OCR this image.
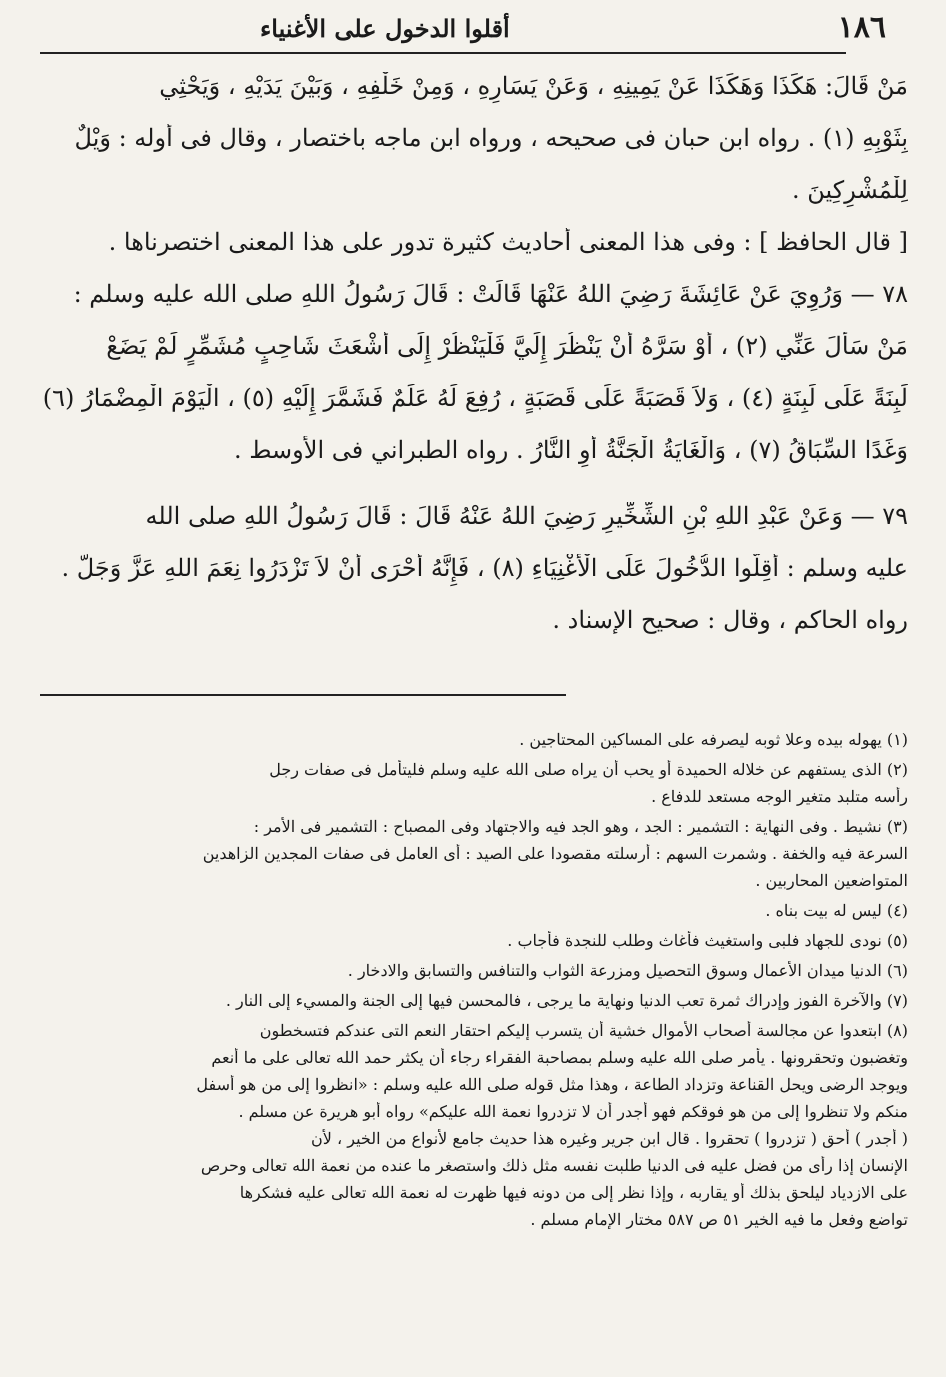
١٨٦
أقلوا الدخول على الأغنياء
مَنْ قَالَ: هَكَذَا وَهَكَذَا عَنْ يَمِينِهِ ، وَعَنْ يَسَارِهِ ، وَمِنْ خَلْفِهِ ، وَبَيْنَ يَدَيْهِ ، وَيَحْثِي
بِثَوْبِهِ (١) . رواه ابن حبان فى صحيحه ، ورواه ابن ماجه باختصار ، وقال فى أوله : وَيْلٌ
لِلْمُشْرِكِينَ .
[ قال الحافظ ] : وفى هذا المعنى أحاديث كثيرة تدور على هذا المعنى اختصرناها .
٧٨ — وَرُوِيَ عَنْ عَائِشَةَ رَضِيَ اللهُ عَنْهَا قَالَتْ : قَالَ رَسُولُ اللهِ صلى الله عليه وسلم :
مَنْ سَأَلَ عَنِّي (٢) ، أَوْ سَرَّهُ أَنْ يَنْظُرَ إِلَيَّ فَلْيَنْظُرْ إِلَى أَشْعَثَ شَاحِبٍ مُشَمِّرٍ لَمْ يَضَعْ
لَبِنَةً عَلَى لَبِنَةٍ (٤) ، وَلاَ قَصَبَةً عَلَى قَصَبَةٍ ، رُفِعَ لَهُ عَلَمٌ فَشَمَّرَ إِلَيْهِ (٥) ، الْيَوْمَ الْمِضْمَارُ (٦)
وَغَدًا السِّبَاقُ (٧) ، وَالْغَايَةُ الْجَنَّةُ أَوِ النَّارُ . رواه الطبراني فى الأوسط .
٧٩ — وَعَنْ عَبْدِ اللهِ بْنِ الشِّخِّيرِ رَضِيَ اللهُ عَنْهُ قَالَ : قَالَ رَسُولُ اللهِ صلى الله
عليه وسلم : أَقِلُّوا الدُّخُولَ عَلَى الْأَغْنِيَاءِ (٨) ، فَإِنَّهُ أَحْرَى أَنْ لاَ تَزْدَرُوا نِعَمَ اللهِ عَزَّ وَجَلَّ .
رواه الحاكم ، وقال : صحيح الإسناد .
(١) يهوله بيده وعلا ثوبه ليصرفه على المساكين المحتاجين .
(٢) الذى يستفهم عن خلاله الحميدة أو يحب أن يراه صلى الله عليه وسلم فليتأمل فى صفات رجل
رأسه متلبد متغير الوجه مستعد للدفاع .
(٣) نشيط . وفى النهاية : التشمير : الجد ، وهو الجد فيه والاجتهاد وفى المصباح : التشمير فى الأمر :
السرعة فيه والخفة . وشمرت السهم : أرسلته مقصودا على الصيد : أى العامل فى صفات المجدين الزاهدين
المتواضعين المحاربين .
(٤) ليس له بيت بناه .
(٥) نودى للجهاد فلبى واستغيث فأغاث وطلب للنجدة فأجاب .
(٦) الدنيا ميدان الأعمال وسوق التحصيل ومزرعة الثواب والتنافس والتسابق والادخار .
(٧) والآخرة الفوز وإدراك ثمرة تعب الدنيا ونهاية ما يرجى ، فالمحسن فيها إلى الجنة والمسيء إلى النار .
(٨) ابتعدوا عن مجالسة أصحاب الأموال خشية أن يتسرب إليكم احتقار النعم التى عندكم فتسخطون
وتغضبون وتحقرونها . يأمر صلى الله عليه وسلم بمصاحبة الفقراء رجاء أن يكثر حمد الله تعالى على ما أنعم
ويوجد الرضى ويحل القناعة وتزداد الطاعة ، وهذا مثل قوله صلى الله عليه وسلم : «انظروا إلى من هو أسفل
منكم ولا تنظروا إلى من هو فوقكم فهو أجدر أن لا تزدروا نعمة الله عليكم» رواه أبو هريرة عن مسلم .
( أجدر ) أحق ( تزدروا ) تحقروا . قال ابن جرير وغيره هذا حديث جامع لأنواع من الخير ، لأن
الإنسان إذا رأى من فضل عليه فى الدنيا طلبت نفسه مثل ذلك واستصغر ما عنده من نعمة الله تعالى وحرص
على الازدياد ليلحق بذلك أو يقاربه ، وإذا نظر إلى من دونه فيها ظهرت له نعمة الله تعالى عليه فشكرها
تواضع وفعل ما فيه الخير ٥١ ص ٥٨٧ مختار الإمام مسلم .
